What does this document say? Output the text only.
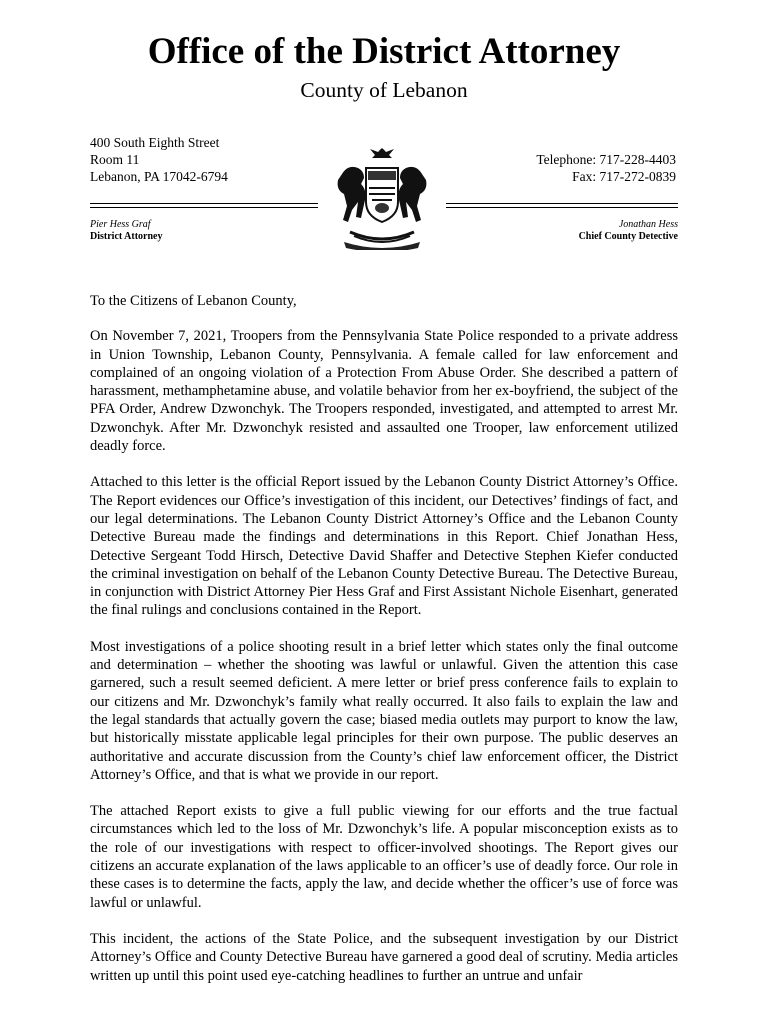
Office of the District Attorney
County of Lebanon
400 South Eighth Street
Room 11
Lebanon, PA 17042-6794
Telephone: 717-228-4403
Fax: 717-272-0839
Pier Hess Graf
District Attorney
Jonathan Hess
Chief County Detective

To the Citizens of Lebanon County,

On November 7, 2021, Troopers from the Pennsylvania State Police responded to a private address in Union Township, Lebanon County, Pennsylvania. A female called for law enforcement and complained of an ongoing violation of a Protection From Abuse Order. She described a pattern of harassment, methamphetamine abuse, and volatile behavior from her ex-boyfriend, the subject of the PFA Order, Andrew Dzwonchyk. The Troopers responded, investigated, and attempted to arrest Mr. Dzwonchyk. After Mr. Dzwonchyk resisted and assaulted one Trooper, law enforcement utilized deadly force.

Attached to this letter is the official Report issued by the Lebanon County District Attorney’s Office. The Report evidences our Office’s investigation of this incident, our Detectives’ findings of fact, and our legal determinations. The Lebanon County District Attorney’s Office and the Lebanon County Detective Bureau made the findings and determinations in this Report. Chief Jonathan Hess, Detective Sergeant Todd Hirsch, Detective David Shaffer and Detective Stephen Kiefer conducted the criminal investigation on behalf of the Lebanon County Detective Bureau. The Detective Bureau, in conjunction with District Attorney Pier Hess Graf and First Assistant Nichole Eisenhart, generated the final rulings and conclusions contained in the Report.

Most investigations of a police shooting result in a brief letter which states only the final outcome and determination – whether the shooting was lawful or unlawful. Given the attention this case garnered, such a result seemed deficient. A mere letter or brief press conference fails to explain to our citizens and Mr. Dzwonchyk’s family what really occurred. It also fails to explain the law and the legal standards that actually govern the case; biased media outlets may purport to know the law, but historically misstate applicable legal principles for their own purpose. The public deserves an authoritative and accurate discussion from the County’s chief law enforcement officer, the District Attorney’s Office, and that is what we provide in our report.

The attached Report exists to give a full public viewing for our efforts and the true factual circumstances which led to the loss of Mr. Dzwonchyk’s life. A popular misconception exists as to the role of our investigations with respect to officer-involved shootings. The Report gives our citizens an accurate explanation of the laws applicable to an officer’s use of deadly force. Our role in these cases is to determine the facts, apply the law, and decide whether the officer’s use of force was lawful or unlawful.

This incident, the actions of the State Police, and the subsequent investigation by our District Attorney’s Office and County Detective Bureau have garnered a good deal of scrutiny. Media articles written up until this point used eye-catching headlines to further an untrue and unfair
